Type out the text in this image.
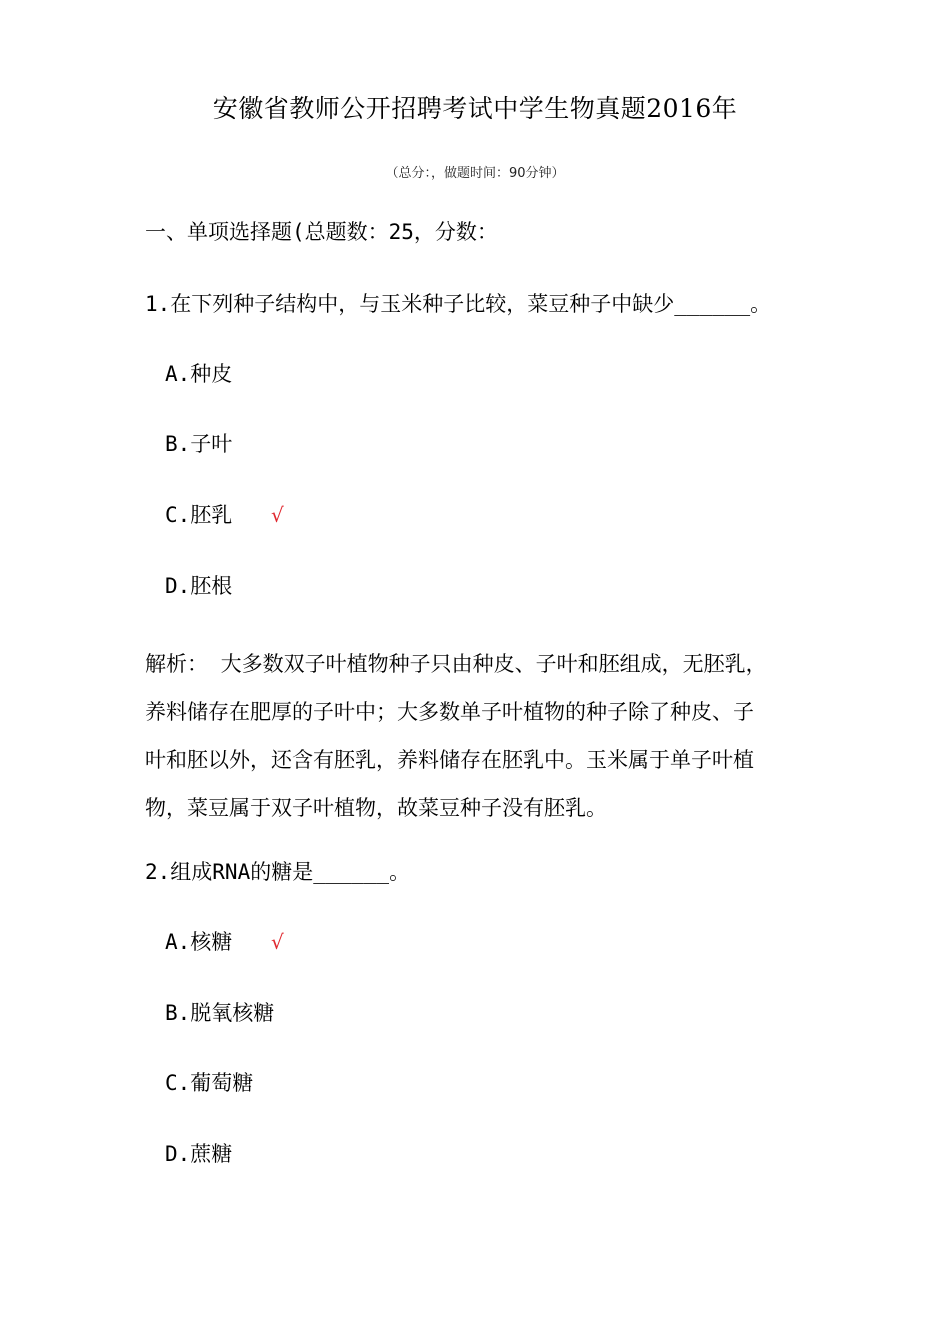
安徽省教师公开招聘考试中学生物真题2016年
（总分：，做题时间：90分钟）
一、单项选择题(总题数：25，分数：
1.在下列种子结构中，与玉米种子比较，菜豆种子中缺少______。
A.种皮
B.子叶
C.胚乳 √
D.胚根
解析： 大多数双子叶植物种子只由种皮、子叶和胚组成，无胚乳，
养料储存在肥厚的子叶中；大多数单子叶植物的种子除了种皮、子
叶和胚以外，还含有胚乳，养料储存在胚乳中。玉米属于单子叶植
物，菜豆属于双子叶植物，故菜豆种子没有胚乳。
2.组成RNA的糖是______。
A.核糖 √
B.脱氧核糖
C.葡萄糖
D.蔗糖
